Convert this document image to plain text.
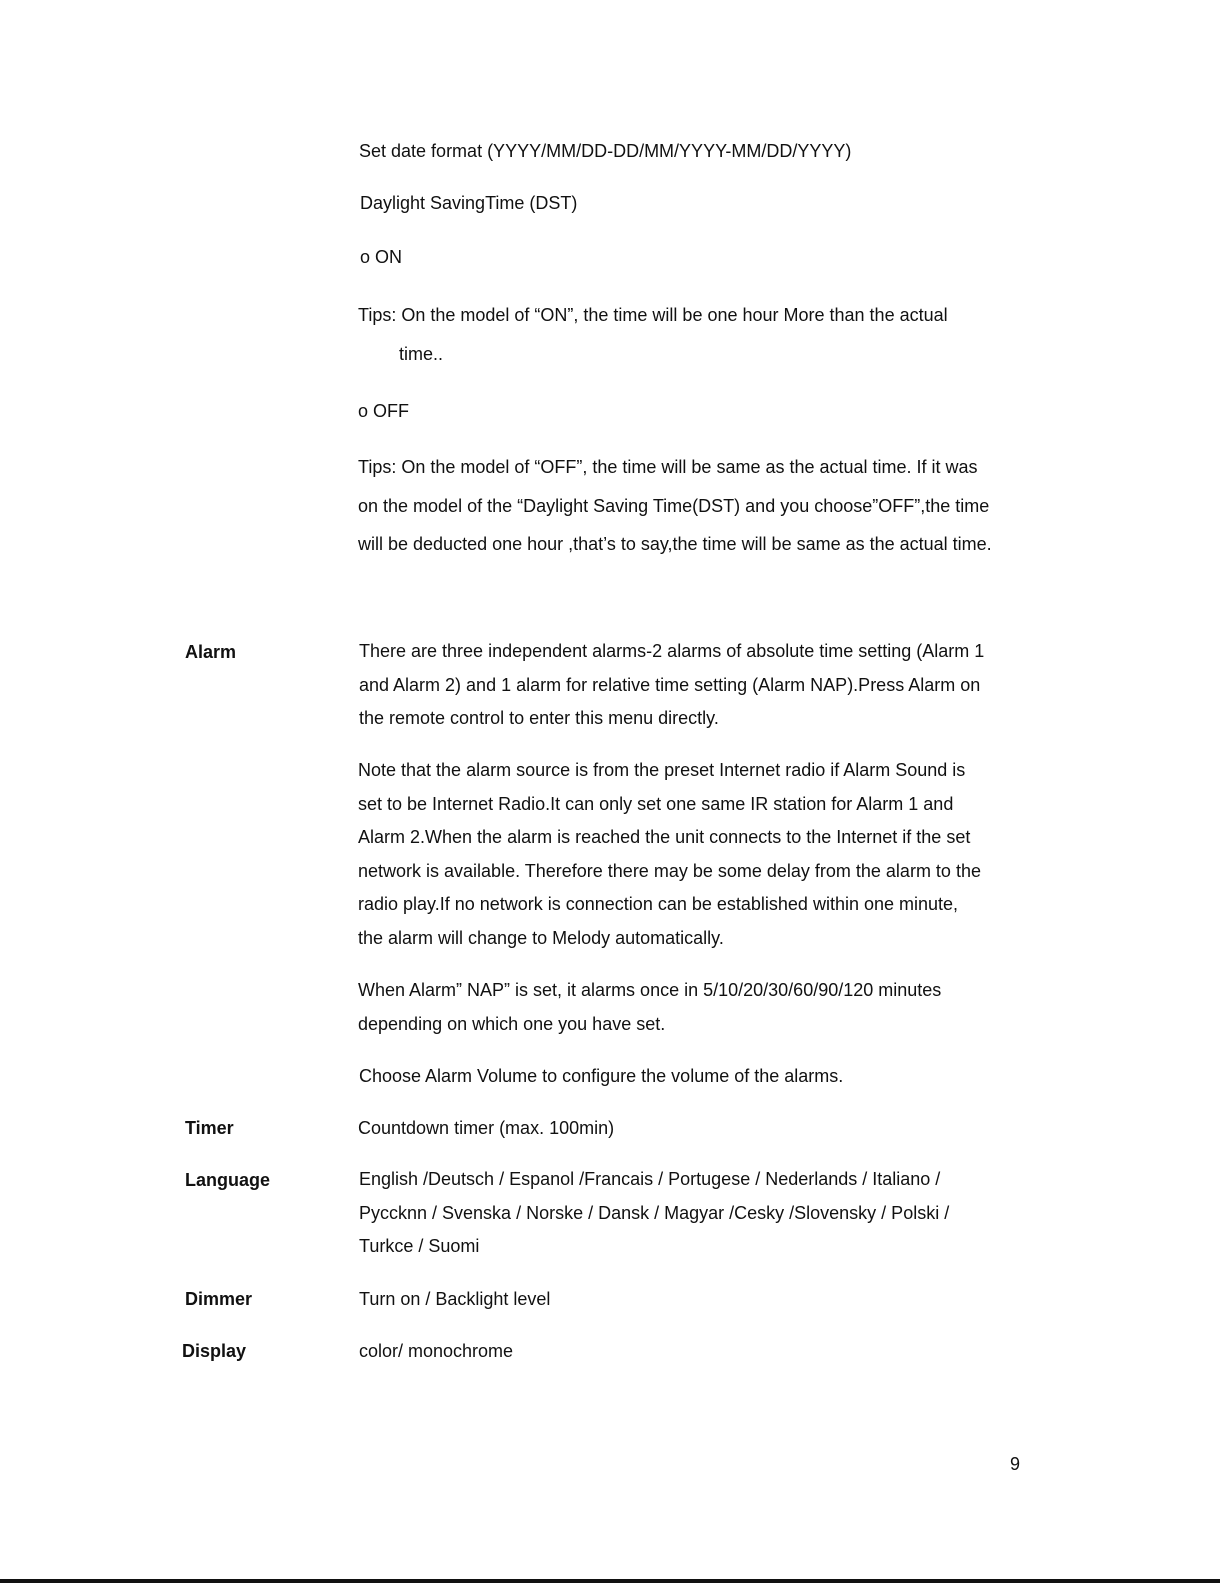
Set date format (YYYY/MM/DD-DD/MM/YYYY-MM/DD/YYYY)

Daylight SavingTime (DST)

o ON

Tips: On the model of “ON”, the time will be one hour More than the actual

time..

o OFF

Tips: On the model of “OFF”, the time will be same as the actual time. If it was
on the model of the “Daylight Saving Time(DST) and you choose”OFF”,the time
will be deducted one hour ,that’s to say,the time will be same as the actual time.

Alarm	There are three independent alarms-2 alarms of absolute time setting (Alarm 1
and Alarm 2) and 1 alarm for relative time setting (Alarm NAP).Press Alarm on
the remote control to enter this menu directly.
Note that the alarm source is from the preset Internet radio if Alarm Sound is
set to be Internet Radio.It can only set one same IR station for Alarm 1 and
Alarm 2.When the alarm is reached the unit connects to the Internet if the set
network is available. Therefore there may be some delay from the alarm to the
radio play.If no network is connection can be established within one minute,
the alarm will change to Melody automatically.
When Alarm” NAP” is set, it alarms once in 5/10/20/30/60/90/120 minutes
depending on which one you have set.

Choose Alarm Volume to configure the volume of the alarms.

Timer	Countdown timer (max. 100min)

Language	English /Deutsch / Espanol /Francais / Portugese / Nederlands / Italiano /
Pyccknn / Svenska / Norske / Dansk / Magyar /Cesky /Slovensky / Polski /
Turkce / Suomi

Dimmer	Turn on / Backlight level

Display	color/ monochrome

9
